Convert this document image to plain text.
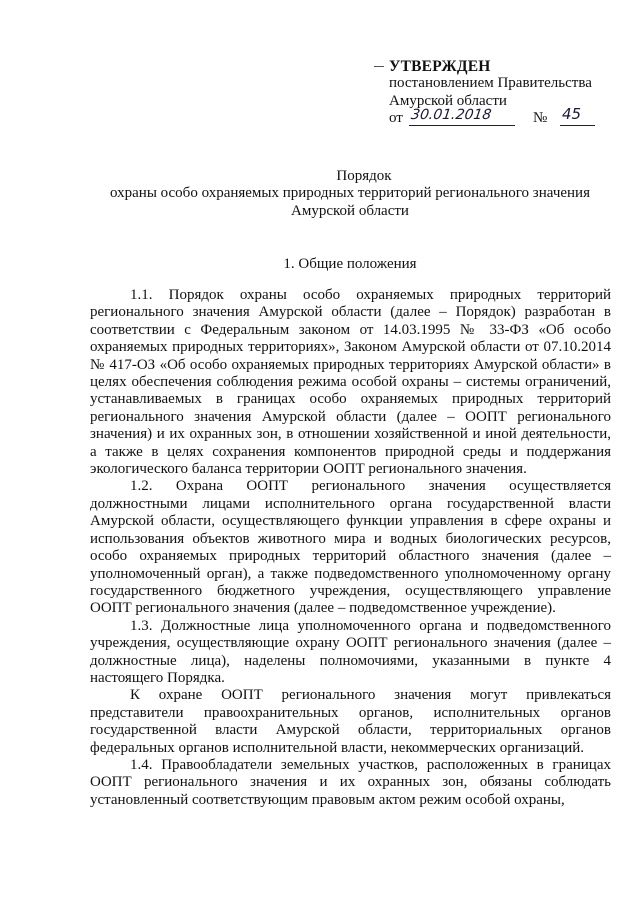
УТВЕРЖДЕН
постановлением Правительства
Амурской области
от 30.01.2018	№ 45
Порядок
охраны особо охраняемых природных территорий регионального значения
Амурской области
1. Общие положения

1.1. Порядок охраны особо охраняемых природных территорий регионального значения Амурской области (далее – Порядок) разработан в соответствии с Федеральным законом от 14.03.1995 № 33-ФЗ «Об особо охраняемых природных территориях», Законом Амурской области от 07.10.2014 № 417-ОЗ «Об особо охраняемых природных территориях Амурской области» в целях обеспечения соблюдения режима особой охраны – системы ограничений, устанавливаемых в границах особо охраняемых природных территорий регионального значения Амурской области (далее – ООПТ регионального значения) и их охранных зон, в отношении хозяйственной и иной деятельности, а также в целях сохранения компонентов природной среды и поддержания экологического баланса территории ООПТ регионального значения.

1.2. Охрана ООПТ регионального значения осуществляется должностными лицами исполнительного органа государственной власти Амурской области, осуществляющего функции управления в сфере охраны и использования объектов животного мира и водных биологических ресурсов, особо охраняемых природных территорий областного значения (далее – уполномоченный орган), а также подведомственного уполномоченному органу государственного бюджетного учреждения, осуществляющего управление ООПТ регионального значения (далее – подведомственное учреждение).

1.3. Должностные лица уполномоченного органа и подведомственного учреждения, осуществляющие охрану ООПТ регионального значения (далее – должностные лица), наделены полномочиями, указанными в пункте 4 настоящего Порядка.

К охране ООПТ регионального значения могут привлекаться представители правоохранительных органов, исполнительных органов государственной власти Амурской области, территориальных органов федеральных органов исполнительной власти, некоммерческих организаций.

1.4. Правообладатели земельных участков, расположенных в границах ООПТ регионального значения и их охранных зон, обязаны соблюдать установленный соответствующим правовым актом режим особой охраны,
